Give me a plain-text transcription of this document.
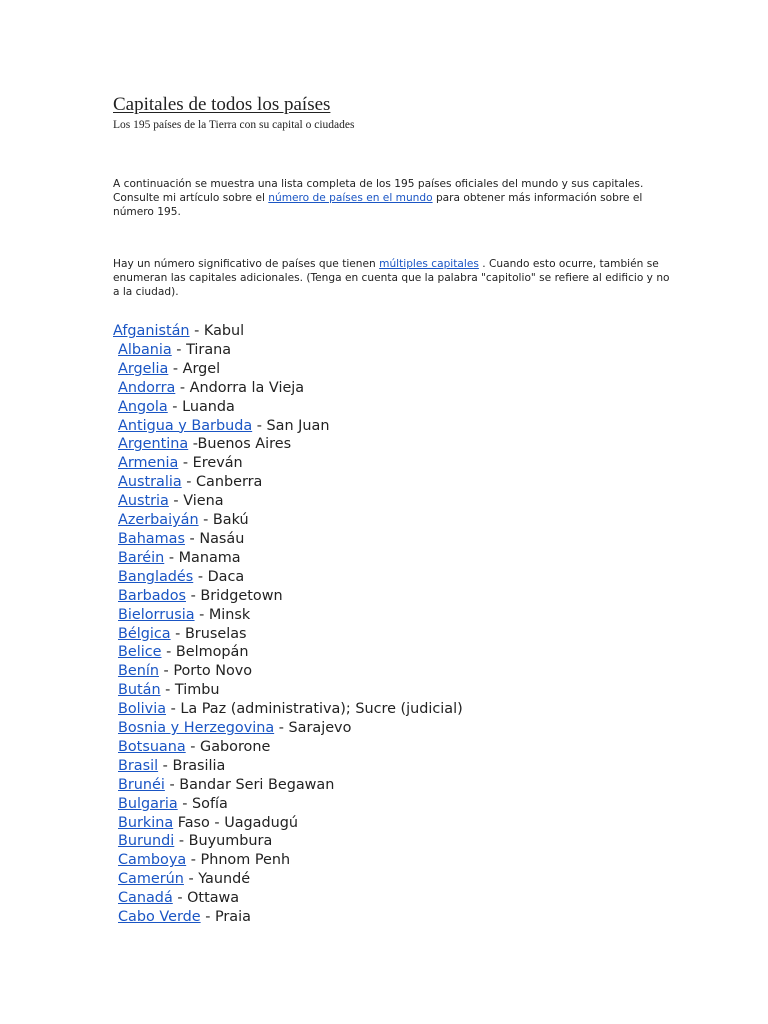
Capitales de todos los países

Los 195 países de la Tierra con su capital o ciudades

A continuación se muestra una lista completa de los 195 países oficiales del mundo y sus capitales. Consulte mi artículo sobre el número de países en el mundo para obtener más información sobre el número 195.

Hay un número significativo de países que tienen múltiples capitales . Cuando esto ocurre, también se enumeran las capitales adicionales. (Tenga en cuenta que la palabra "capitolio" se refiere al edificio y no a la ciudad).

Afganistán - Kabul
Albania - Tirana
Argelia - Argel
Andorra - Andorra la Vieja
Angola - Luanda
Antigua y Barbuda - San Juan
Argentina -Buenos Aires
Armenia - Ereván
Australia - Canberra
Austria - Viena
Azerbaiyán - Bakú
Bahamas - Nasáu
Baréin - Manama
Bangladés - Daca
Barbados - Bridgetown
Bielorrusia - Minsk
Bélgica - Bruselas
Belice - Belmopán
Benín - Porto Novo
Bután - Timbu
Bolivia - La Paz (administrativa); Sucre (judicial)
Bosnia y Herzegovina - Sarajevo
Botsuana - Gaborone
Brasil - Brasilia
Brunéi - Bandar Seri Begawan
Bulgaria - Sofía
Burkina Faso - Uagadugú
Burundi - Buyumbura
Camboya - Phnom Penh
Camerún - Yaundé
Canadá - Ottawa
Cabo Verde - Praia
